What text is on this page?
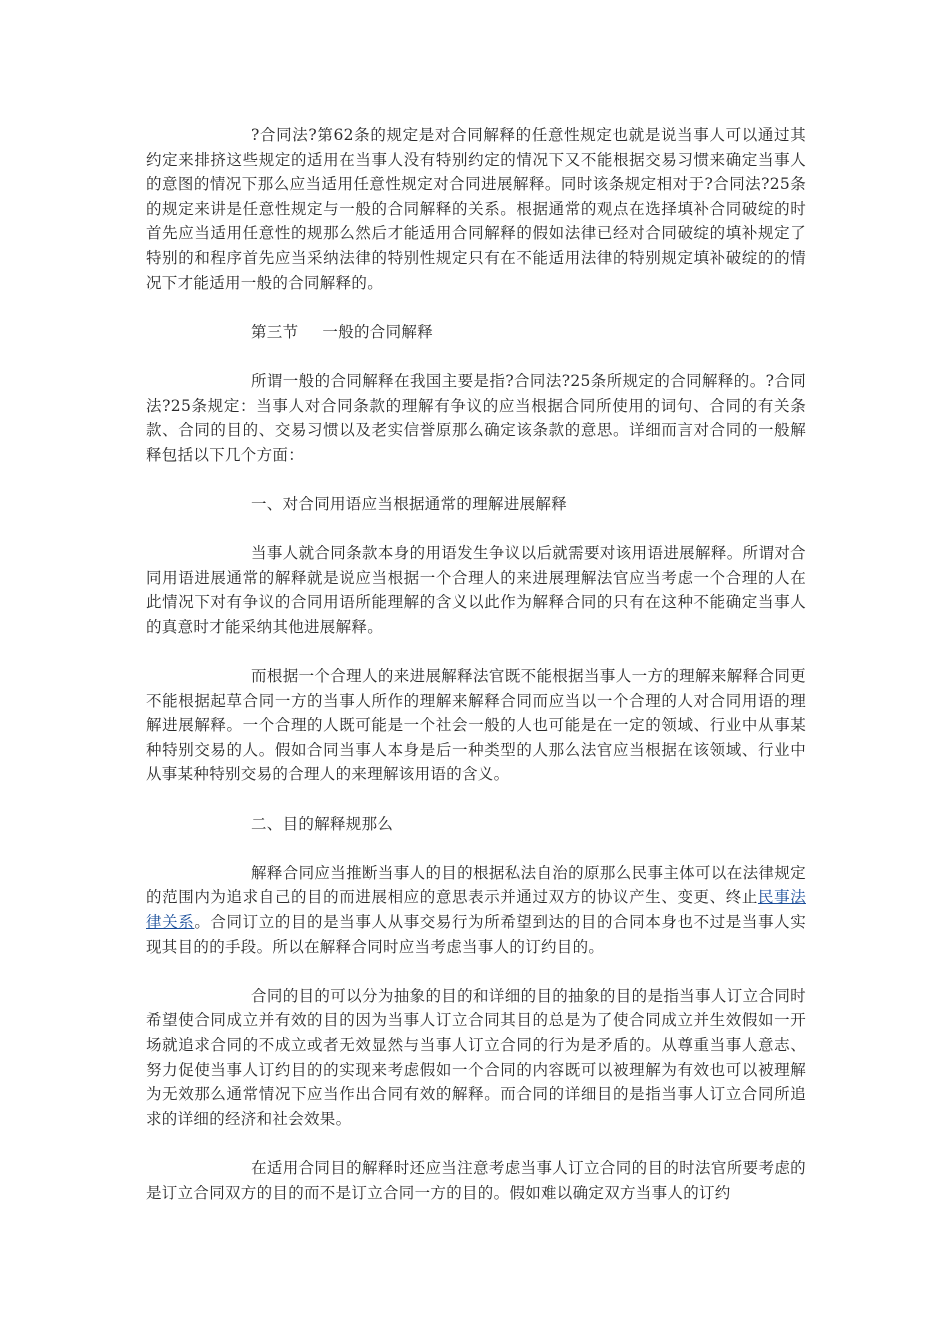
?合同法?第62条的规定是对合同解释的任意性规定也就是说当事人可以通过其约定来排挤这些规定的适用在当事人没有特别约定的情况下又不能根据交易习惯来确定当事人的意图的情况下那么应当适用任意性规定对合同进展解释。同时该条规定相对于?合同法?25条的规定来讲是任意性规定与一般的合同解释的关系。根据通常的观点在选择填补合同破绽的时首先应当适用任意性的规那么然后才能适用合同解释的假如法律已经对合同破绽的填补规定了特别的和程序首先应当采纳法律的特别性规定只有在不能适用法律的特别规定填补破绽的的情况下才能适用一般的合同解释的。

第三节 一般的合同解释

所谓一般的合同解释在我国主要是指?合同法?25条所规定的合同解释的。?合同法?25条规定：当事人对合同条款的理解有争议的应当根据合同所使用的词句、合同的有关条款、合同的目的、交易习惯以及老实信誉原那么确定该条款的意思。详细而言对合同的一般解释包括以下几个方面：

一、对合同用语应当根据通常的理解进展解释

当事人就合同条款本身的用语发生争议以后就需要对该用语进展解释。所谓对合同用语进展通常的解释就是说应当根据一个合理人的来进展理解法官应当考虑一个合理的人在此情况下对有争议的合同用语所能理解的含义以此作为解释合同的只有在这种不能确定当事人的真意时才能采纳其他进展解释。

而根据一个合理人的来进展解释法官既不能根据当事人一方的理解来解释合同更不能根据起草合同一方的当事人所作的理解来解释合同而应当以一个合理的人对合同用语的理解进展解释。一个合理的人既可能是一个社会一般的人也可能是在一定的领域、行业中从事某种特别交易的人。假如合同当事人本身是后一种类型的人那么法官应当根据在该领域、行业中从事某种特别交易的合理人的来理解该用语的含义。

二、目的解释规那么

解释合同应当推断当事人的目的根据私法自治的原那么民事主体可以在法律规定的范围内为追求自己的目的而进展相应的意思表示并通过双方的协议产生、变更、终止民事法律关系。合同订立的目的是当事人从事交易行为所希望到达的目的合同本身也不过是当事人实现其目的的手段。所以在解释合同时应当考虑当事人的订约目的。

合同的目的可以分为抽象的目的和详细的目的抽象的目的是指当事人订立合同时希望使合同成立并有效的目的因为当事人订立合同其目的总是为了使合同成立并生效假如一开场就追求合同的不成立或者无效显然与当事人订立合同的行为是矛盾的。从尊重当事人意志、努力促使当事人订约目的的实现来考虑假如一个合同的内容既可以被理解为有效也可以被理解为无效那么通常情况下应当作出合同有效的解释。而合同的详细目的是指当事人订立合同所追求的详细的经济和社会效果。

在适用合同目的解释时还应当注意考虑当事人订立合同的目的时法官所要考虑的是订立合同双方的目的而不是订立合同一方的目的。假如难以确定双方当事人的订约
